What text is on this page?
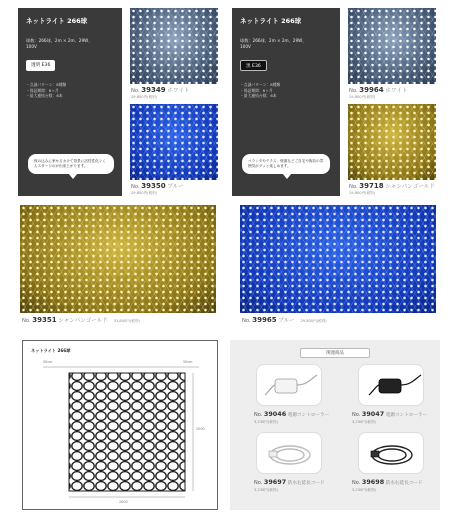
ネットライト 266球
球数：266球、2m × 2m、29W、
100V
透明 E36
・点滅パターン：8種類
・保証期間：6ヶ月
・最大連結台数：6本
彼の込みに家せるカけて背景に活性性化ぐくんスタージのが出来上がります。
No. 39349 ホワイト
29,800円(税別)
No. 39350 ブルー
29,800円(税別)
ネットライト 266球
球数：266球、2m × 2m、29W、
100V
黒 E36
・点滅パターン：8種類
・保証期間：6ヶ月
・最大連結台数：6本
ベランダやテラス、壁面などご自宅や街店の雰囲気がグッと楽しめます。
No. 39964 ホワイト
29,800円(税別)
No. 39718 シャンパンゴールド
29,800円(税別)
No. 39351 シャンパンゴールド 31,800円(税別)	No. 39965 ブルー 29,800円(税別)
ネットライト 266球
50cm	50cm
2000
2000
関連商品
No. 39046 電源コントローラー
3,230円(税別)
No. 39047 電源コントローラー
3,230円(税別)
No. 39697 防水右延長コード
3,230円(税別)
No. 39698 防水右延長コード
3,230円(税別)
